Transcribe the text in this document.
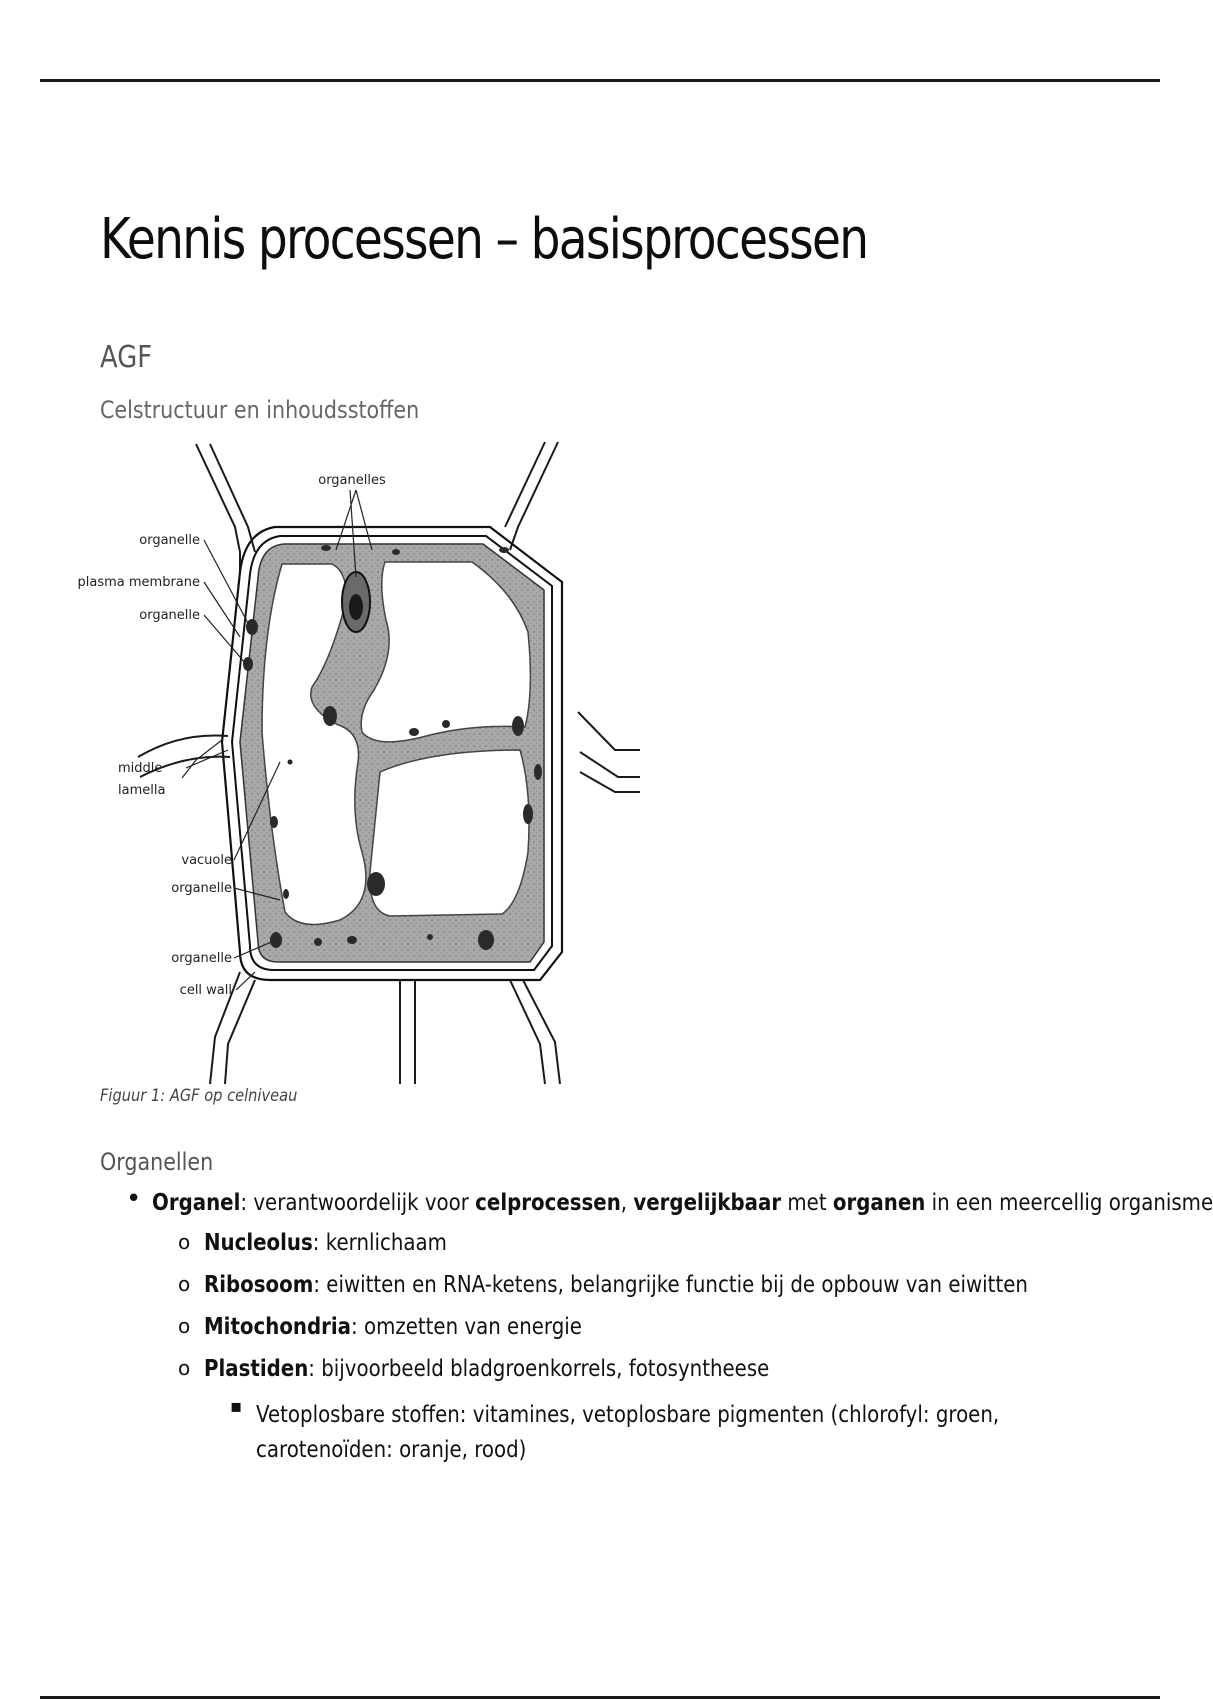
Kennis processen – basisprocessen
AGF
Celstructuur en inhoudsstoffen
organelles
organelle
plasma membrane
organelle
middle
lamella
vacuole
organelle
organelle
cell wall
Figuur 1: AGF op celniveau
Organellen
• Organel: verantwoordelijk voor celprocessen, vergelijkbaar met organen in een meercellig organisme
o Nucleolus: kernlichaam
o Ribosoom: eiwitten en RNA-ketens, belangrijke functie bij de opbouw van eiwitten
o Mitochondria: omzetten van energie
o Plastiden: bijvoorbeeld bladgroenkorrels, fotosyntheese
▪ Vetoplosbare stoffen: vitamines, vetoplosbare pigmenten (chlorofyl: groen, carotenoïden: oranje, rood)
